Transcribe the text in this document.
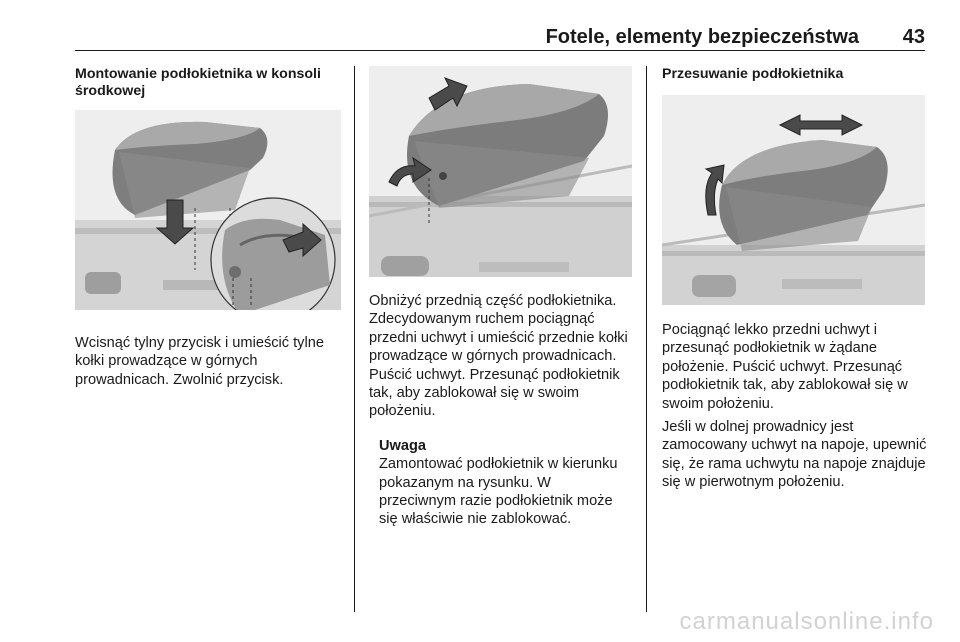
Fotele, elementy bezpieczeństwa 43

Montowanie podłokietnika w konsoli środkowej

Wcisnąć tylny przycisk i umieścić tylne kołki prowadzące w górnych prowadnicach. Zwolnić przycisk.

Obniżyć przednią część podłokietnika. Zdecydowanym ruchem pociągnąć przedni uchwyt i umieścić przednie kołki prowadzące w górnych prowadnicach. Puścić uchwyt. Przesunąć podłokietnik tak, aby zablokował się w swoim położeniu.

Uwaga

Zamontować podłokietnik w kierunku pokazanym na rysunku. W przeciwnym razie podłokietnik może się właściwie nie zablokować.

Przesuwanie podłokietnika

Pociągnąć lekko przedni uchwyt i przesunąć podłokietnik w żądane położenie. Puścić uchwyt. Przesunąć podłokietnik tak, aby zablokował się w swoim położeniu.

Jeśli w dolnej prowadnicy jest zamocowany uchwyt na napoje, upewnić się, że rama uchwytu na napoje znajduje się w pierwotnym położeniu.

carmanualsonline.info
